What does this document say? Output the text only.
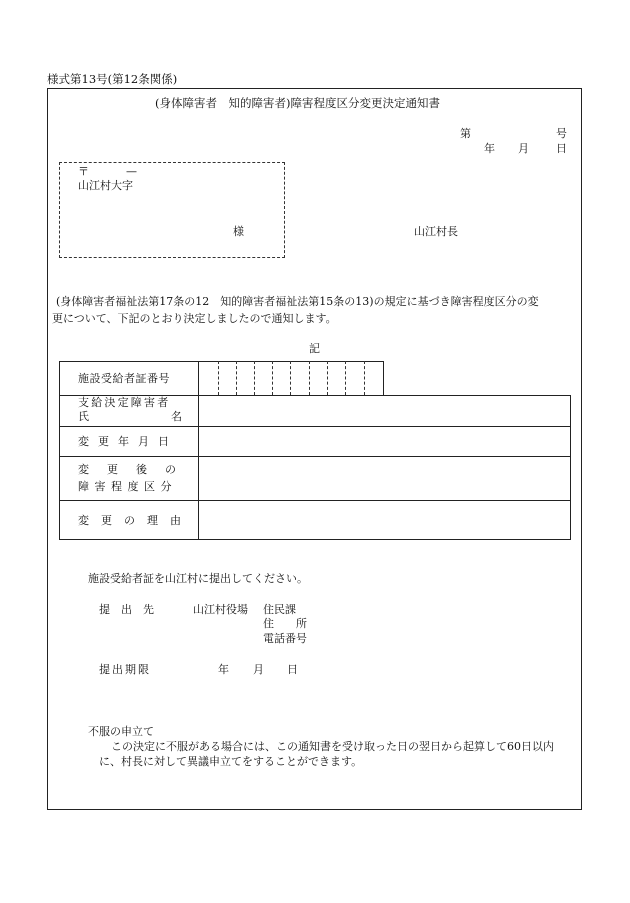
様式第13号(第12条関係)
(身体障害者　知的障害者)障害程度区分変更決定通知書
第	号
年 月 日
〒	—
山江村大字
様	山江村長
(身体障害者福祉法第17条の12　知的障害者福祉法第15条の13)の規定に基づき障害程度区分の変
更について、下記のとおり決定しましたので通知します。
記
施設受給者証番号
支給決定障害者
氏	名
変更年月日
変更後の
障害程度区分
変更の理由
施設受給者証を山江村に提出してください。
提　出　先	山江村役場 住民課
住　　所
電話番号
提出期限	年 月 日
不服の申立て
この決定に不服がある場合には、この通知書を受け取った日の翌日から起算して60日以内
に、村長に対して異議申立てをすることができます。
